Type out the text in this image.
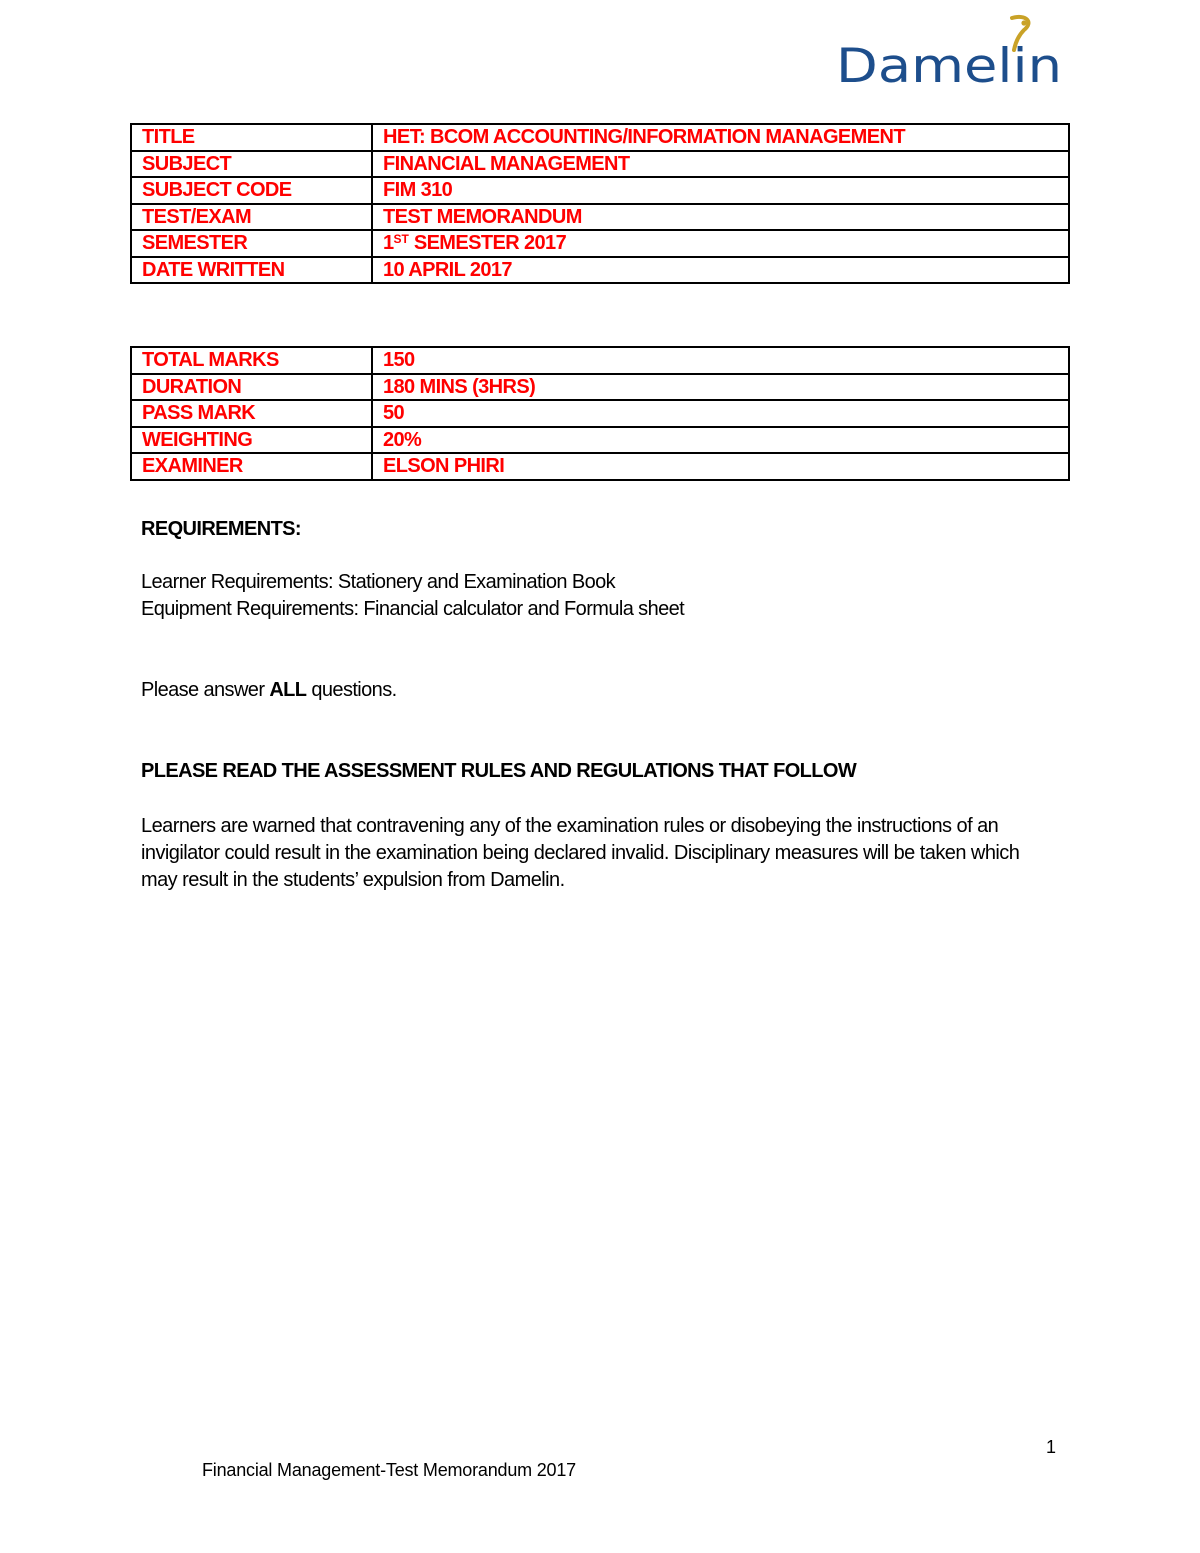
Damelin
TITLE	HET: BCOM ACCOUNTING/INFORMATION MANAGEMENT
SUBJECT	FINANCIAL MANAGEMENT
SUBJECT CODE	FIM 310
TEST/EXAM	TEST MEMORANDUM
SEMESTER	1ST SEMESTER 2017
DATE WRITTEN	10 APRIL 2017
TOTAL MARKS	150
DURATION	180 MINS (3HRS)
PASS MARK	50
WEIGHTING	20%
EXAMINER	ELSON PHIRI
REQUIREMENTS:
Learner Requirements: Stationery and Examination Book
Equipment Requirements: Financial calculator and Formula sheet
Please answer ALL questions.
PLEASE READ THE ASSESSMENT RULES AND REGULATIONS THAT FOLLOW
Learners are warned that contravening any of the examination rules or disobeying the instructions of an
invigilator could result in the examination being declared invalid. Disciplinary measures will be taken which
may result in the students’ expulsion from Damelin.
1
Financial Management-Test Memorandum 2017
